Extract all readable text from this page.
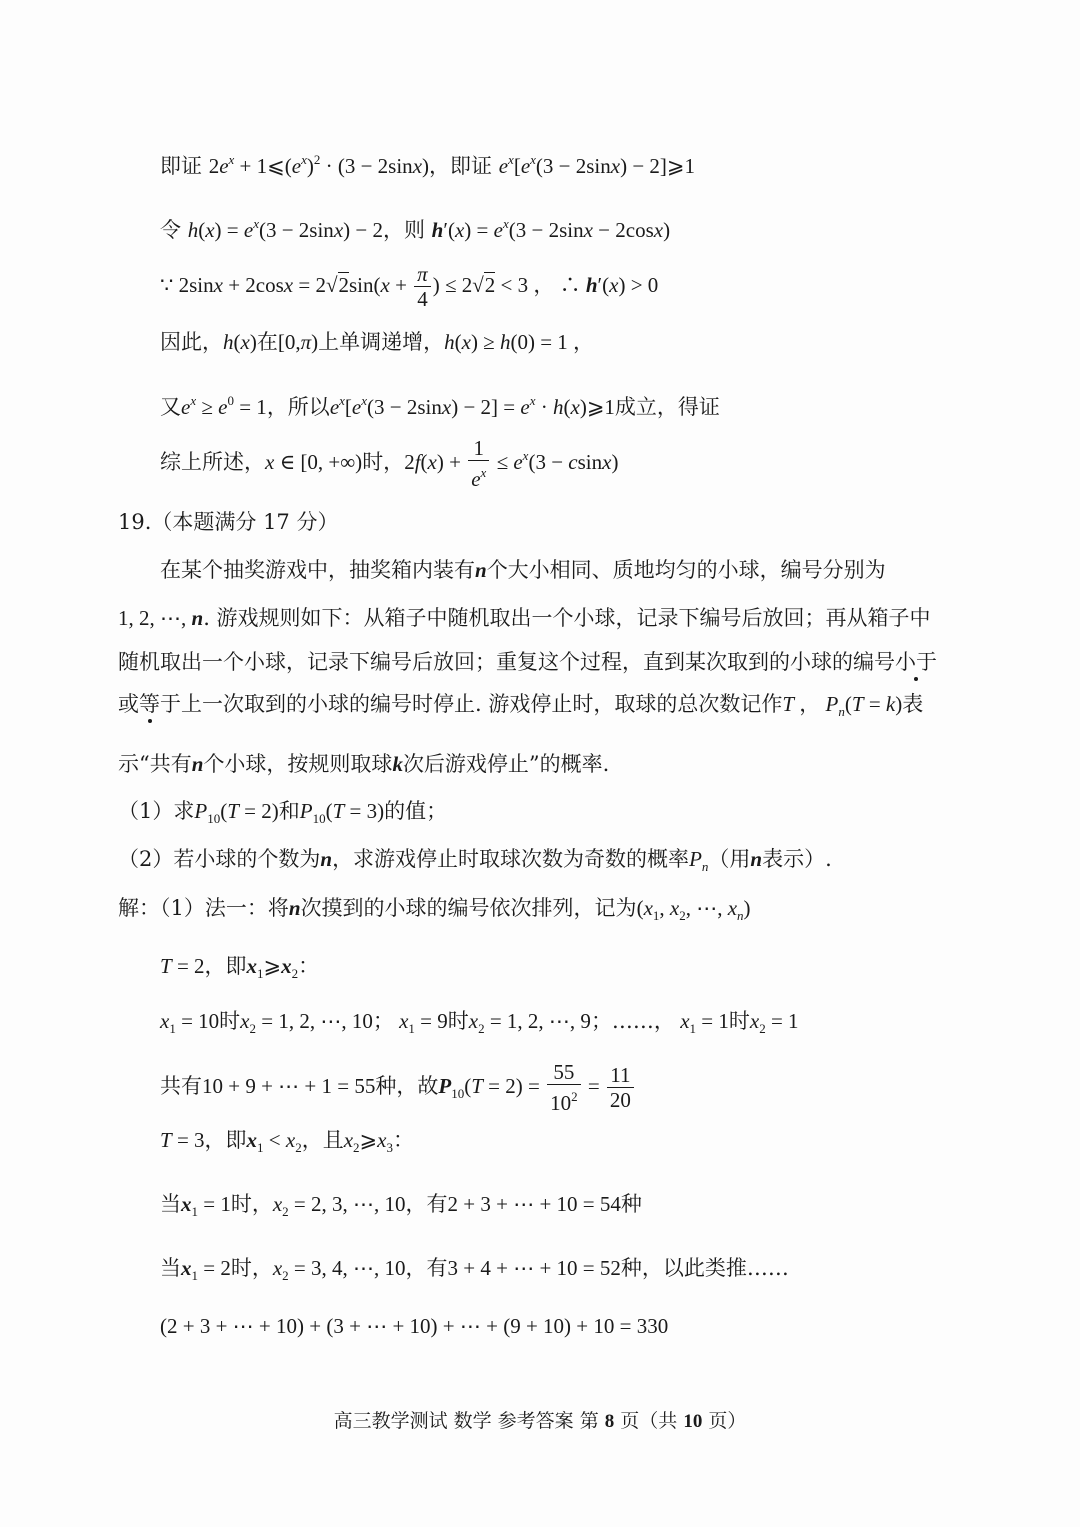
即证 $2e^x$ + $1⩽(e^x)^2 \cdot (3 - 2\sin x)$，即证 $e^x[e^x(3 - 2\sin x)$ − 2]⩾1
令 $h(x) = e^x(3 - 2\sin x) - 2$，则 $h'(x) = e^x(3 - 2\sin x - 2\cos x)$
∵ $2\sin x + 2\cos x = 2√2\sin(x + \frac{\pi}{4}$ ) ≤ 2√2 < 3 ， ∴ h′(x) > 0
因此，h(x)在[0,π)上单调递增，h(x) ≥ h(0) = 1 ，
又$e^x \ge e^0 = 1$，所以$e^x[e^x(3 - 2\sin x) - 2] = e^x$ · h(x)⩾1成立，得证
综上所述，x ∈ [0, +∞)时，$2f(x) + \frac{1}{e^x} \le e^x(3 - csinx)$
19.（本题满分 17 分）
在某个抽奖游戏中，抽奖箱内装有n个大小相同、质地均匀的小球，编号分别为
1, 2, ⋯, n. 游戏规则如下：从箱子中随机取出一个小球，记录下编号后放回；再从箱子中
随机取出一个小球，记录下编号后放回；重复这个过程，直到某次取到的小球的编号小于
或等于上一次取到的小球的编号时停止. 游戏停止时，取球的总次数记作T ， $P_n(T = k)$表
示“共有n个小球，按规则取球k次后游戏停止”的概率.
（1）求$P_{10}(T = 2)$和$P_{10}(T = 3)$的值；
（2）若小球的个数为n，求游戏停止时取球次数为奇数的概率$P_n$（用n表示）.
解：（1）法一：将n次摸到的小球的编号依次排列，记为($x_1$, $x_2$, ⋯, $x_n$)
T = 2，即$x_1⩾x_2$：
$x_1 = 10$时$x_2 = 1$, 2, ⋯, 10； $x_1 = 9$时$x_2 = 1$, 2, ⋯, 9；……， $x_1 = 1$时$x_2 = 1$
共有10 + 9 + ⋯ + 1 = 55种，故$P_{10}(T = 2) = \frac{55}{10^2} = \frac{11}{20}$
T = 3，即$x_1 < x_2$，且$x_2⩾x_3$：
当$x_1 = 1$时，$x_2 = 2$, 3, ⋯, 10，有2 + 3 + ⋯ + 10 = 54种
当$x_1 = 2$时，$x_2 = 3$, 4, ⋯, 10，有3 + 4 + ⋯ + 10 = 52种，以此类推……
(2 + 3 + ⋯ + 10) + (3 + ⋯ + 10) + ⋯ + (9 + 10) + 10 = 330
高三教学测试 数学 参考答案 第 8 页（共 10 页）
